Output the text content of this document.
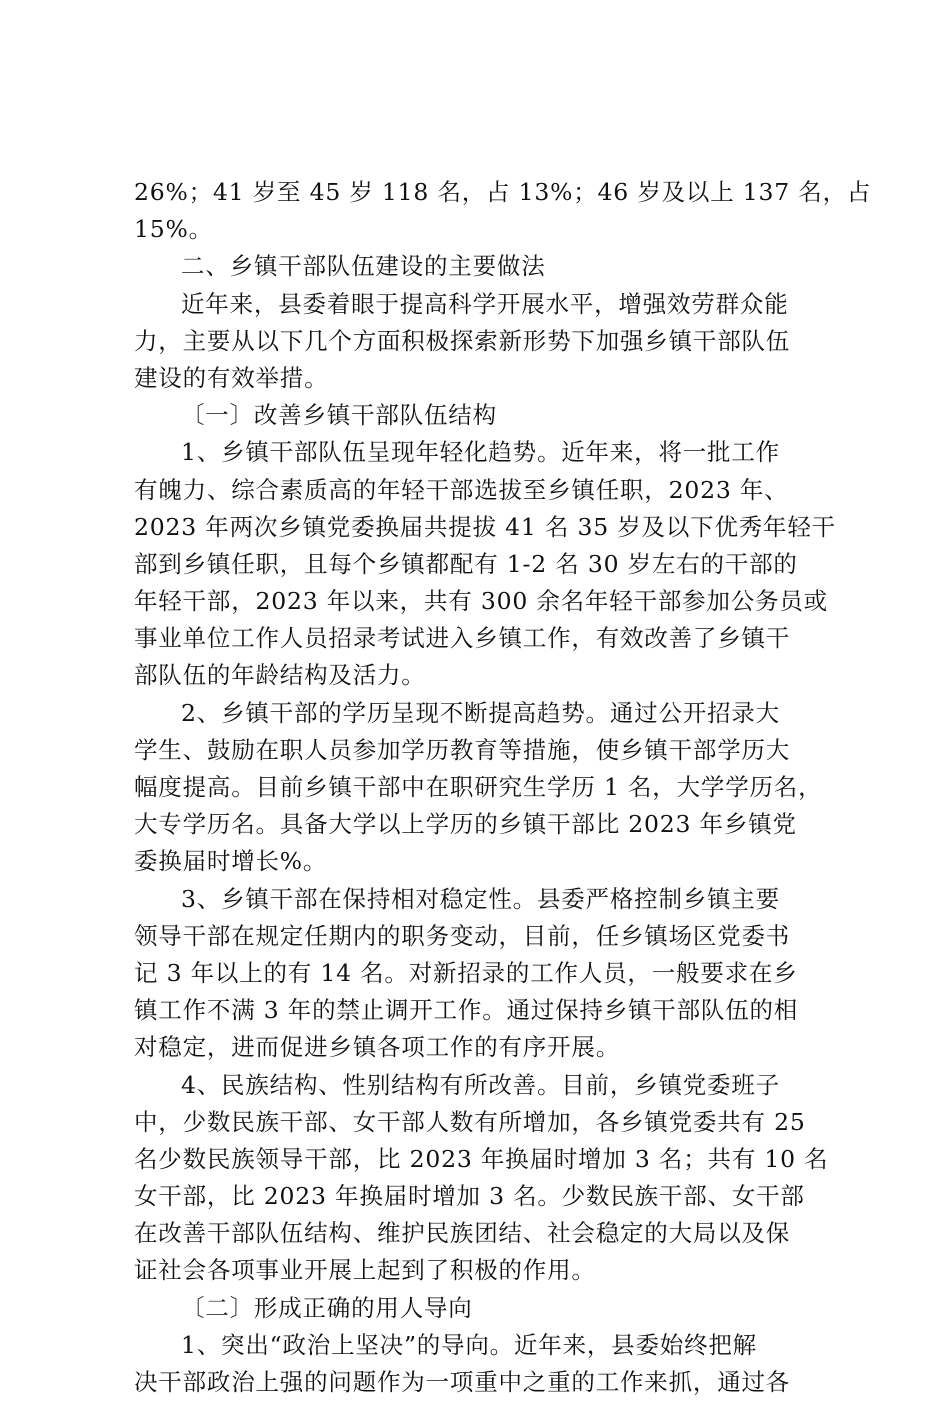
26%；41 岁至 45 岁 118 名，占 13%；46 岁及以上 137 名，占
15%。
二、乡镇干部队伍建设的主要做法
近年来，县委着眼于提高科学开展水平，增强效劳群众能
力，主要从以下几个方面积极探索新形势下加强乡镇干部队伍
建设的有效举措。
〔一〕改善乡镇干部队伍结构
1、乡镇干部队伍呈现年轻化趋势。近年来，将一批工作
有魄力、综合素质高的年轻干部选拔至乡镇任职，2023 年、
2023 年两次乡镇党委换届共提拔 41 名 35 岁及以下优秀年轻干
部到乡镇任职，且每个乡镇都配有 1-2 名 30 岁左右的干部的
年轻干部，2023 年以来，共有 300 余名年轻干部参加公务员或
事业单位工作人员招录考试进入乡镇工作，有效改善了乡镇干
部队伍的年龄结构及活力。
2、乡镇干部的学历呈现不断提高趋势。通过公开招录大
学生、鼓励在职人员参加学历教育等措施，使乡镇干部学历大
幅度提高。目前乡镇干部中在职研究生学历 1 名，大学学历名，
大专学历名。具备大学以上学历的乡镇干部比 2023 年乡镇党
委换届时增长%。
3、乡镇干部在保持相对稳定性。县委严格控制乡镇主要
领导干部在规定任期内的职务变动，目前，任乡镇场区党委书
记 3 年以上的有 14 名。对新招录的工作人员，一般要求在乡
镇工作不满 3 年的禁止调开工作。通过保持乡镇干部队伍的相
对稳定，进而促进乡镇各项工作的有序开展。
4、民族结构、性别结构有所改善。目前，乡镇党委班子
中，少数民族干部、女干部人数有所增加，各乡镇党委共有 25
名少数民族领导干部，比 2023 年换届时增加 3 名；共有 10 名
女干部，比 2023 年换届时增加 3 名。少数民族干部、女干部
在改善干部队伍结构、维护民族团结、社会稳定的大局以及保
证社会各项事业开展上起到了积极的作用。
〔二〕形成正确的用人导向
1、突出“政治上坚决”的导向。近年来，县委始终把解
决干部政治上强的问题作为一项重中之重的工作来抓，通过各
